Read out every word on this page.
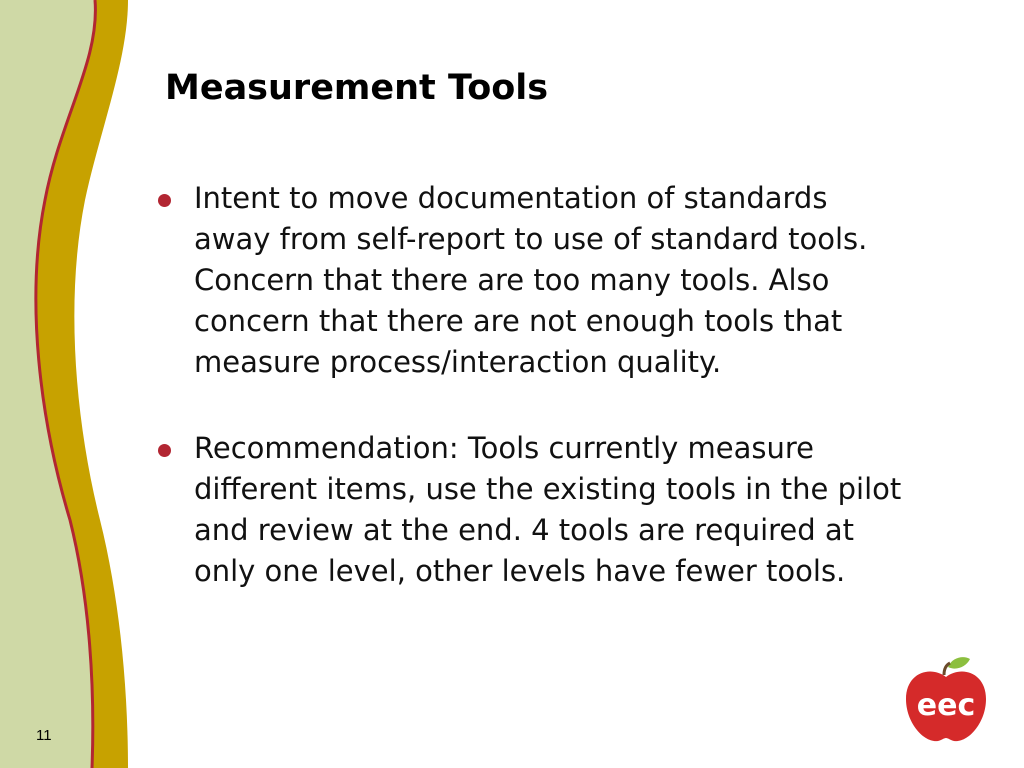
Measurement Tools
Intent to move documentation of standards away from self-report to use of standard tools. Concern that there are too many tools. Also concern that there are not enough tools that measure process/interaction quality.
Recommendation: Tools currently measure different items, use the existing tools in the pilot and review at the end. 4 tools are required at only one level, other levels have fewer tools.
11
eec
